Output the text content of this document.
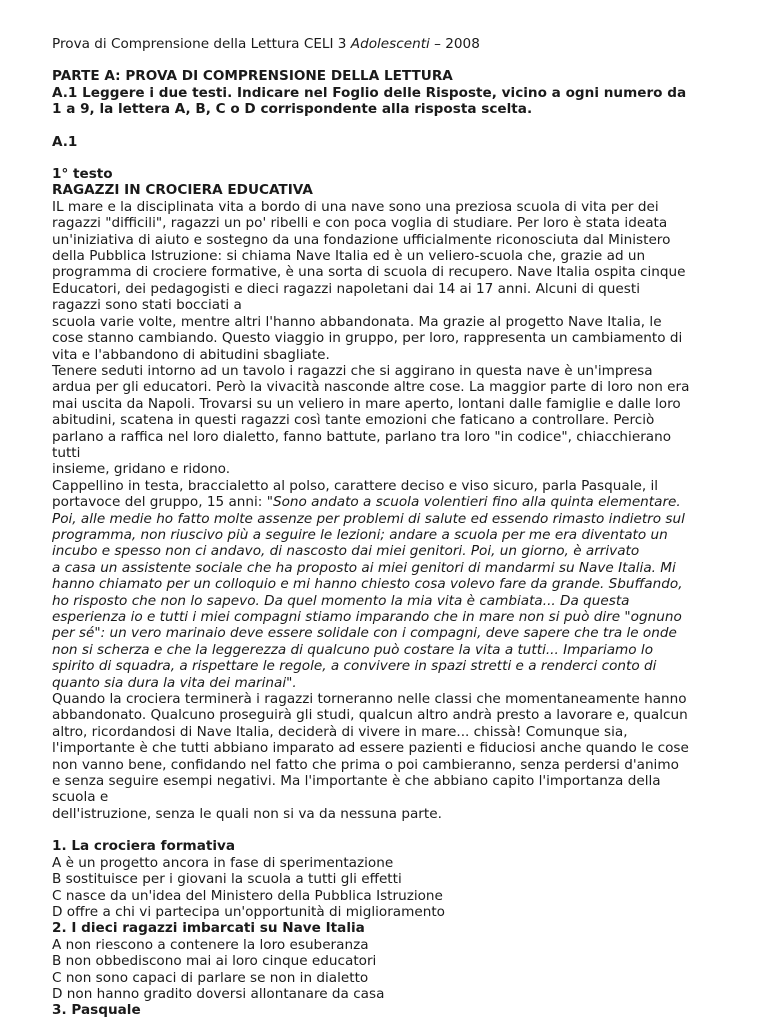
Prova di Comprensione della Lettura CELI 3 Adolescenti – 2008

PARTE A: PROVA DI COMPRENSIONE DELLA LETTURA

A.1 Leggere i due testi. Indicare nel Foglio delle Risposte, vicino a ogni numero da

1 a 9, la lettera A, B, C o D corrispondente alla risposta scelta.

A.1

1° testo

RAGAZZI IN CROCIERA EDUCATIVA

IL mare e la disciplinata vita a bordo di una nave sono una preziosa scuola di vita per dei

ragazzi "difficili", ragazzi un po' ribelli e con poca voglia di studiare. Per loro è stata ideata

un'iniziativa di aiuto e sostegno da una fondazione ufficialmente riconosciuta dal Ministero

della Pubblica Istruzione: si chiama Nave Italia ed è un veliero-scuola che, grazie ad un

programma di crociere formative, è una sorta di scuola di recupero. Nave Italia ospita cinque

Educatori, dei pedagogisti e dieci ragazzi napoletani dai 14 ai 17 anni. Alcuni di questi

ragazzi sono stati bocciati a

scuola varie volte, mentre altri l'hanno abbandonata. Ma grazie al progetto Nave Italia, le

cose stanno cambiando. Questo viaggio in gruppo, per loro, rappresenta un cambiamento di

vita e l'abbandono di abitudini sbagliate.

Tenere seduti intorno ad un tavolo i ragazzi che si aggirano in questa nave è un'impresa

ardua per gli educatori. Però la vivacità nasconde altre cose. La maggior parte di loro non era

mai uscita da Napoli. Trovarsi su un veliero in mare aperto, lontani dalle famiglie e dalle loro

abitudini, scatena in questi ragazzi così tante emozioni che faticano a controllare. Perciò

parlano a raffica nel loro dialetto, fanno battute, parlano tra loro "in codice", chiacchierano

tutti

insieme, gridano e ridono.

Cappellino in testa, braccialetto al polso, carattere deciso e viso sicuro, parla Pasquale, il

portavoce del gruppo, 15 anni: "Sono andato a scuola volentieri fino alla quinta elementare.

Poi, alle medie ho fatto molte assenze per problemi di salute ed essendo rimasto indietro sul

programma, non riuscivo più a seguire le lezioni; andare a scuola per me era diventato un

incubo e spesso non ci andavo, di nascosto dai miei genitori. Poi, un giorno, è arrivato

a casa un assistente sociale che ha proposto ai miei genitori di mandarmi su Nave Italia. Mi

hanno chiamato per un colloquio e mi hanno chiesto cosa volevo fare da grande. Sbuffando,

ho risposto che non lo sapevo. Da quel momento la mia vita è cambiata... Da questa

esperienza io e tutti i miei compagni stiamo imparando che in mare non si può dire "ognuno

per sé": un vero marinaio deve essere solidale con i compagni, deve sapere che tra le onde

non si scherza e che la leggerezza di qualcuno può costare la vita a tutti... Impariamo lo

spirito di squadra, a rispettare le regole, a convivere in spazi stretti e a renderci conto di

quanto sia dura la vita dei marinai".

Quando la crociera terminerà i ragazzi torneranno nelle classi che momentaneamente hanno

abbandonato. Qualcuno proseguirà gli studi, qualcun altro andrà presto a lavorare e, qualcun

altro, ricordandosi di Nave Italia, deciderà di vivere in mare... chissà! Comunque sia,

l'importante è che tutti abbiano imparato ad essere pazienti e fiduciosi anche quando le cose

non vanno bene, confidando nel fatto che prima o poi cambieranno, senza perdersi d'animo

e senza seguire esempi negativi. Ma l'importante è che abbiano capito l'importanza della

scuola e

dell'istruzione, senza le quali non si va da nessuna parte.

1. La crociera formativa

A è un progetto ancora in fase di sperimentazione

B sostituisce per i giovani la scuola a tutti gli effetti

C nasce da un'idea del Ministero della Pubblica Istruzione

D offre a chi vi partecipa un'opportunità di miglioramento

2. I dieci ragazzi imbarcati su Nave Italia

A non riescono a contenere la loro esuberanza

B non obbediscono mai ai loro cinque educatori

C non sono capaci di parlare se non in dialetto

D non hanno gradito doversi allontanare da casa

3. Pasquale
